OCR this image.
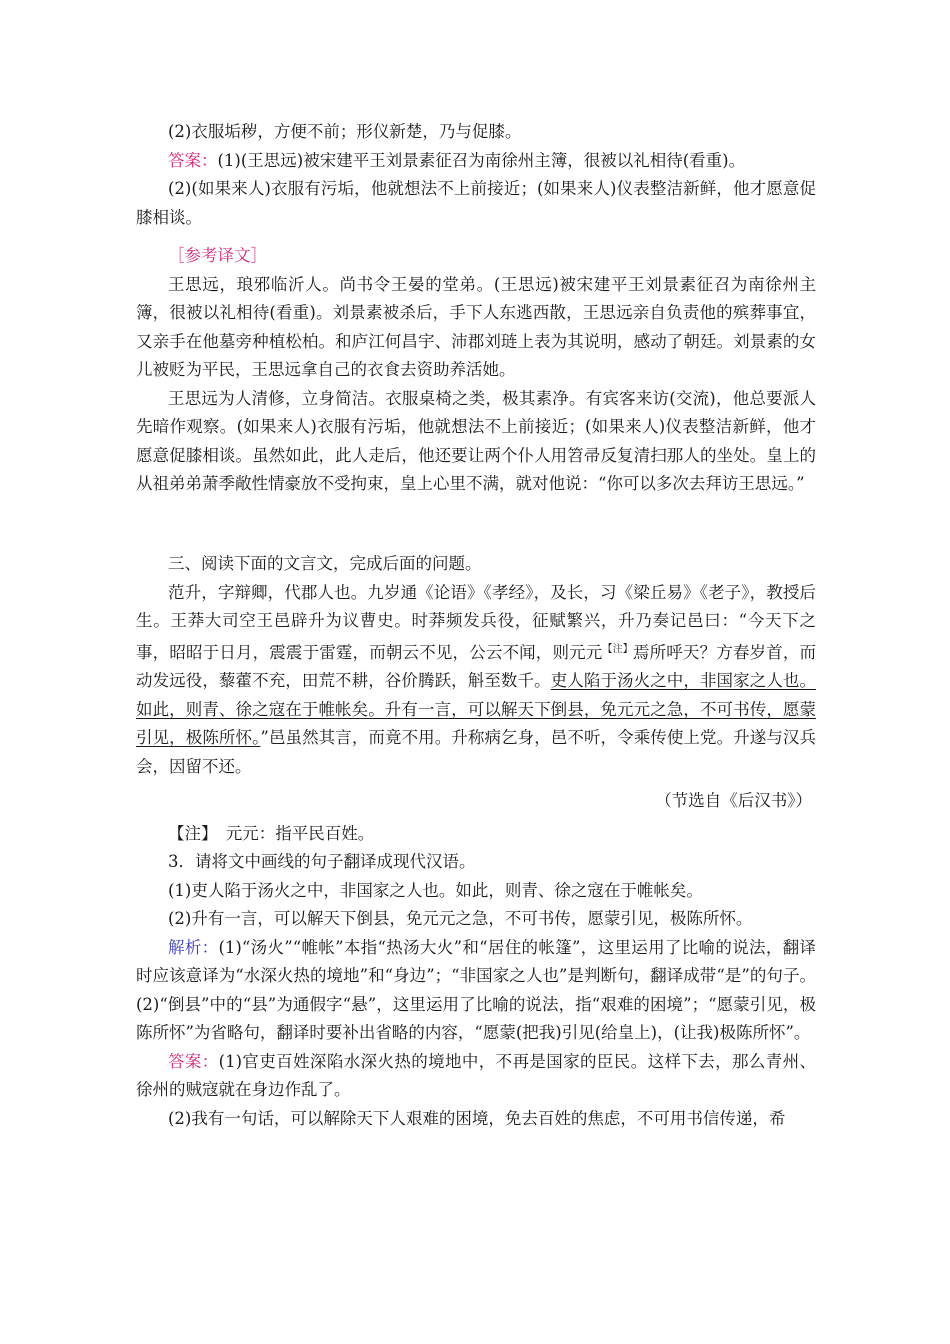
(2)衣服垢秽，方便不前；形仪新楚，乃与促膝。

答案：(1)(王思远)被宋建平王刘景素征召为南徐州主簿，很被以礼相待(看重)。

(2)(如果来人)衣服有污垢，他就想法不上前接近；(如果来人)仪表整洁新鲜，他才愿意促膝相谈。

［参考译文］

王思远，琅邪临沂人。尚书令王晏的堂弟。(王思远)被宋建平王刘景素征召为南徐州主簿，很被以礼相待(看重)。刘景素被杀后，手下人东逃西散，王思远亲自负责他的殡葬事宜，又亲手在他墓旁种植松柏。和庐江何昌宇、沛郡刘琏上表为其说明，感动了朝廷。刘景素的女儿被贬为平民，王思远拿自己的衣食去资助养活她。

王思远为人清修，立身简洁。衣服桌椅之类，极其素净。有宾客来访(交流)，他总要派人先暗作观察。(如果来人)衣服有污垢，他就想法不上前接近；(如果来人)仪表整洁新鲜，他才愿意促膝相谈。虽然如此，此人走后，他还要让两个仆人用笤帚反复清扫那人的坐处。皇上的从祖弟弟萧季敞性情豪放不受拘束，皇上心里不满，就对他说：“你可以多次去拜访王思远。”

三、阅读下面的文言文，完成后面的问题。

范升，字辩卿，代郡人也。九岁通《论语》《孝经》，及长，习《梁丘易》《老子》，教授后生。王莽大司空王邑辟升为议曹史。时莽频发兵役，征赋繁兴，升乃奏记邑曰：“今天下之事，昭昭于日月，震震于雷霆，而朝云不见，公云不闻，则元元$^{【注】}$焉所呼天？方春岁首，而动发远役，藜藿不充，田荒不耕，谷价腾跃，斛至数千。吏人陷于汤火之中，非国家之人也。如此，则青、徐之寇在于帷帐矣。升有一言，可以解天下倒县，免元元之急，不可书传，愿蒙引见，极陈所怀。”邑虽然其言，而竟不用。升称病乞身，邑不听，令乘传使上党。升遂与汉兵会，因留不还。

（节选自《后汉书》）

【注】　元元：指平民百姓。

3．请将文中画线的句子翻译成现代汉语。

(1)吏人陷于汤火之中，非国家之人也。如此，则青、徐之寇在于帷帐矣。

(2)升有一言，可以解天下倒县，免元元之急，不可书传，愿蒙引见，极陈所怀。

解析：(1)“汤火”“帷帐”本指“热汤大火”和“居住的帐篷”，这里运用了比喻的说法，翻译时应该意译为“水深火热的境地”和“身边”；“非国家之人也”是判断句，翻译成带“是”的句子。(2)“倒县”中的“县”为通假字“悬”，这里运用了比喻的说法，指“艰难的困境”；“愿蒙引见，极陈所怀”为省略句，翻译时要补出省略的内容，“愿蒙(把我)引见(给皇上)，(让我)极陈所怀”。

答案：(1)官吏百姓深陷水深火热的境地中，不再是国家的臣民。这样下去，那么青州、徐州的贼寇就在身边作乱了。

(2)我有一句话，可以解除天下人艰难的困境，免去百姓的焦虑，不可用书信传递，希
